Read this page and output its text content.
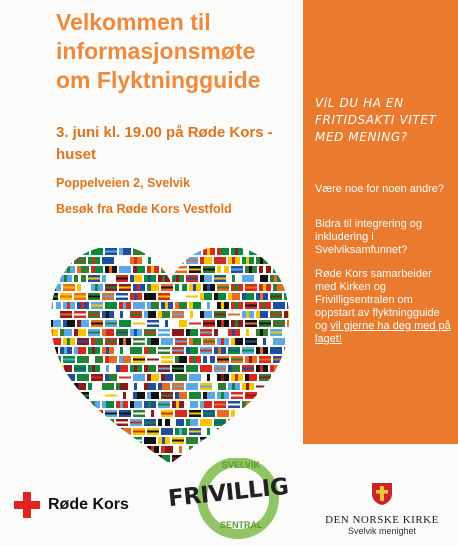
Velkommen til informasjonsmøte om Flyktningguide
3. juni kl. 19.00 på Røde Kors - huset
Poppelveien 2, Svelvik
Besøk fra Røde Kors Vestfold
ViL DU HA EN FRITIDSAKTI VITET MED MENING?
Være noe for noen andre?
Bidra til integrering og inkludering i Svelviksamfunnet?
Røde Kors samarbeider med Kirken og Frivilligsentralen om oppstart av flyktningguide og vil gjerne ha deg med på laget!
Røde Kors
SVELVIK
FRIVILLIG
SENTRAL	DEN NORSKE KIRKE
Svelvik menighet
